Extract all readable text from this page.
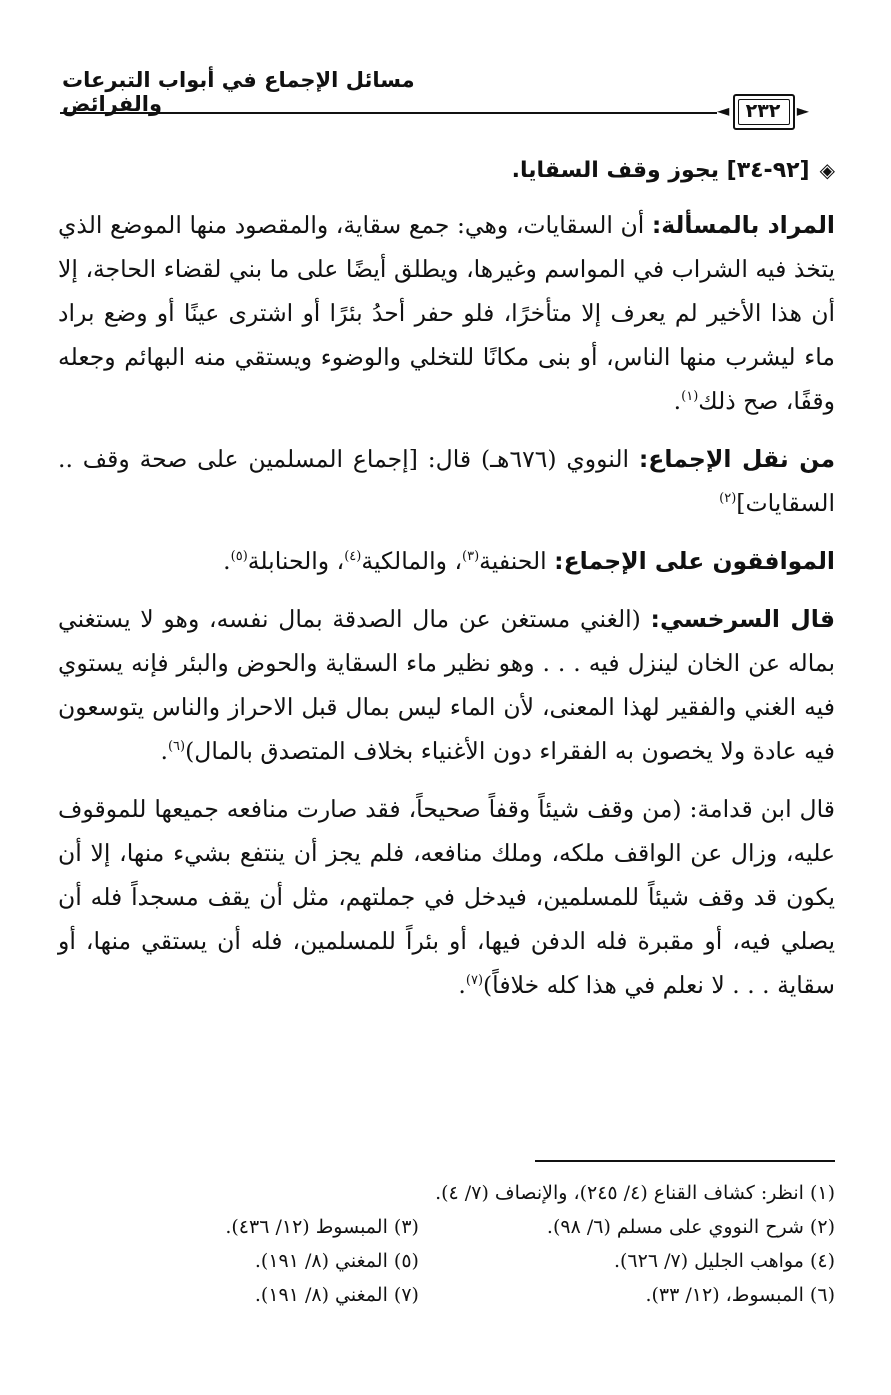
مسائل الإجماع في أبواب التبرعات والفرائض	◄ ٢٣٢	►

◈[٩٢-٣٤] يجوز وقف السقايا.

المراد بالمسألة: أن السقايات، وهي: جمع سقاية، والمقصود منها الموضع الذي يتخذ فيه الشراب في المواسم وغيرها، ويطلق أيضًا على ما بني لقضاء الحاجة، إلا أن هذا الأخير لم يعرف إلا متأخرًا، فلو حفر أحدُ بئرًا أو اشترى عينًا أو وضع براد ماء ليشرب منها الناس، أو بنى مكانًا للتخلي والوضوء ويستقي منه البهائم وجعله وقفًا، صح ذلك$^{(١)}$.

من نقل الإجماع: النووي (٦٧٦هـ) قال: [إجماع المسلمين على صحة وقف .. السقايات]$^{(٢)}$

الموافقون على الإجماع: الحنفية$^{(٣)}$، والمالكية$^{(٤)}$، والحنابلة$^{(٥)}$.

قال السرخسي: (الغني مستغن عن مال الصدقة بمال نفسه، وهو لا يستغني بماله عن الخان لينزل فيه . . . وهو نظير ماء السقاية والحوض والبئر فإنه يستوي فيه الغني والفقير لهذا المعنى، لأن الماء ليس بمال قبل الاحراز والناس يتوسعون فيه عادة ولا يخصون به الفقراء دون الأغنياء بخلاف المتصدق بالمال)$^{(٦)}$.

قال ابن قدامة: (من وقف شيئاً وقفاً صحيحاً، فقد صارت منافعه جميعها للموقوف عليه، وزال عن الواقف ملكه، وملك منافعه، فلم يجز أن ينتفع بشيء منها، إلا أن يكون قد وقف شيئاً للمسلمين، فيدخل في جملتهم، مثل أن يقف مسجداً فله أن يصلي فيه، أو مقبرة فله الدفن فيها، أو بئراً للمسلمين، فله أن يستقي منها، أو سقاية . . . لا نعلم في هذا كله خلافاً)$^{(٧)}$.

(١) انظر: كشاف القناع (٤/ ٢٤٥)، والإنصاف (٧/ ٤).
(٢) شرح النووي على مسلم (٦/ ٩٨).
(٣) المبسوط (١٢/ ٤٣٦).
(٤) مواهب الجليل (٧/ ٦٢٦).
(٥) المغني (٨/ ١٩١).
(٦) المبسوط، (١٢/ ٣٣).
(٧) المغني (٨/ ١٩١).
